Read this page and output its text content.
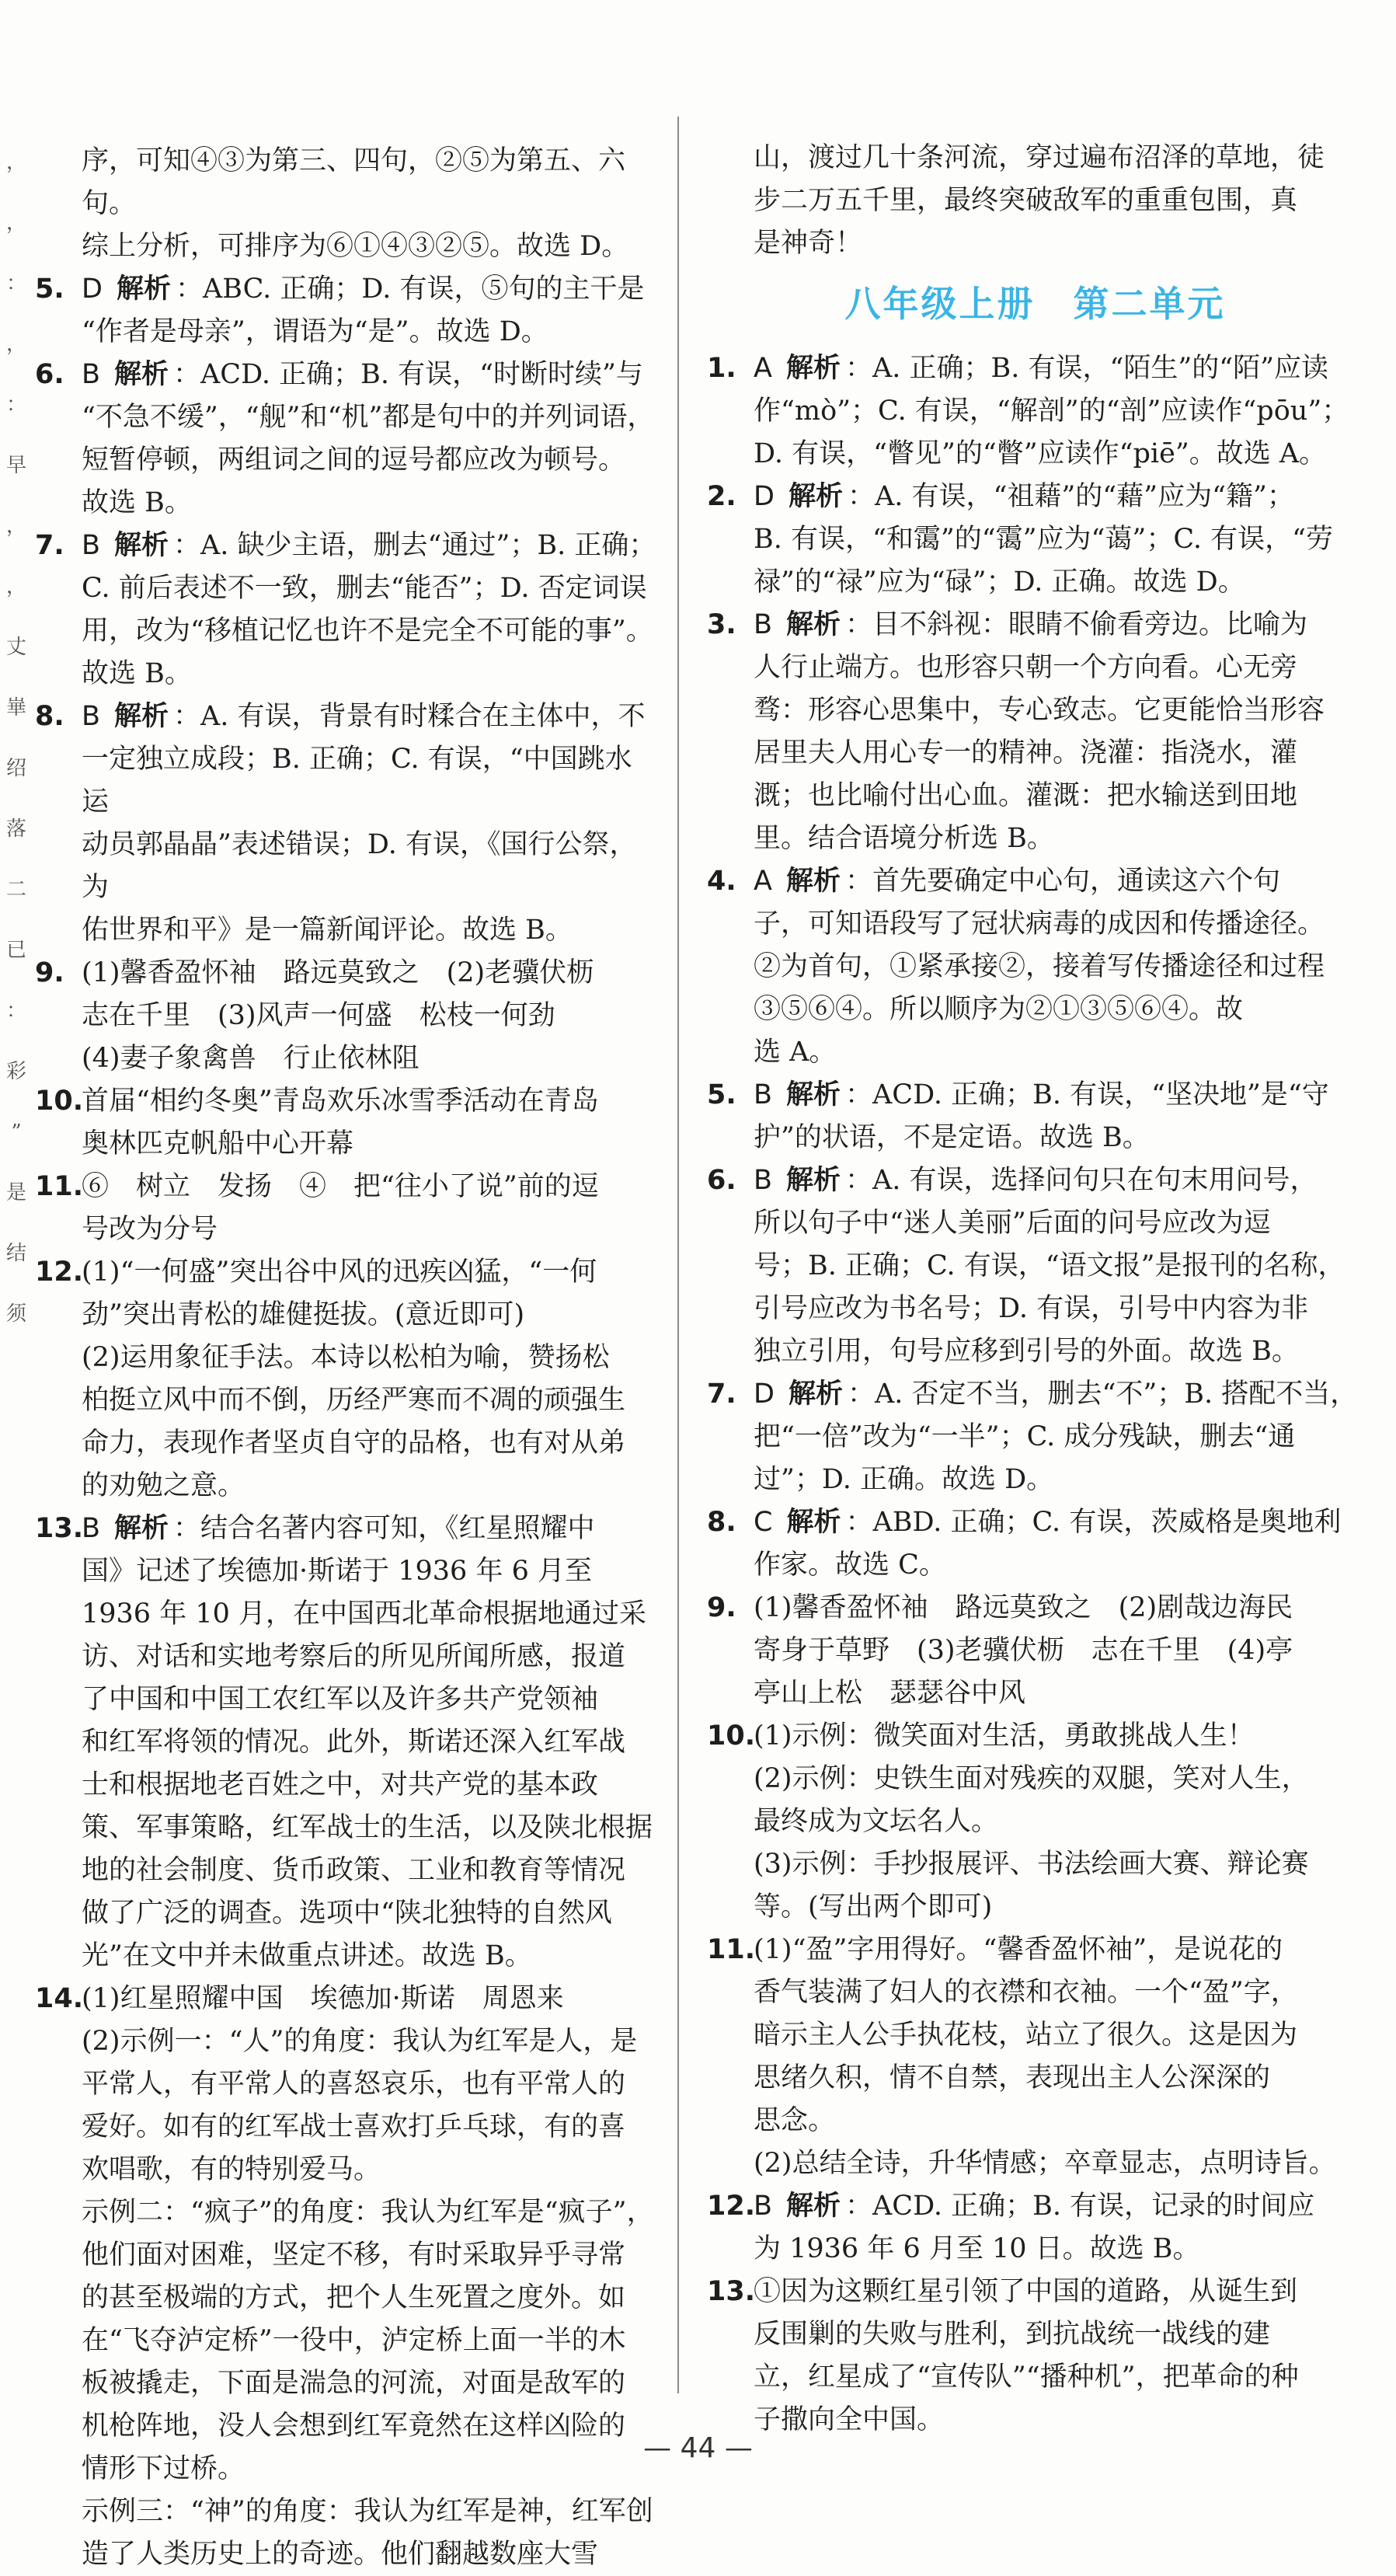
，
，
：
，
：
早
，
，
丈
崋
绍
落
二
已
：
彩
”
是
结
须

序，可知④③为第三、四句，②⑤为第五、六句。

综上分析，可排序为⑥①④③②⑤。故选 D。

5. D 解析 ：ABC. 正确；D. 有误，⑤句的主干是

“作者是母亲”，谓语为“是”。故选 D。

6. B 解析 ：ACD. 正确；B. 有误，“时断时续”与

“不急不缓”，“舰”和“机”都是句中的并列词语，

短暂停顿，两组词之间的逗号都应改为顿号。

故选 B。

7. B 解析 ：A. 缺少主语，删去“通过”；B. 正确；

C. 前后表述不一致，删去“能否”；D. 否定词误

用，改为“移植记忆也许不是完全不可能的事”。

故选 B。

8. B 解析 ：A. 有误，背景有时糅合在主体中，不

一定独立成段；B. 正确；C. 有误，“中国跳水运

动员郭晶晶”表述错误；D. 有误，《国行公祭，为

佑世界和平》是一篇新闻评论。故选 B。

9. (1)馨香盈怀袖　路远莫致之　(2)老骥伏枥

志在千里　(3)风声一何盛　松枝一何劲

(4)妻子象禽兽　行止依林阻

10.

首届“相约冬奥”青岛欢乐冰雪季活动在青岛

奥林匹克帆船中心开幕

11.

⑥　树立　发扬　④　把“往小了说”前的逗

号改为分号

12.

(1)“一何盛”突出谷中风的迅疾凶猛，“一何

劲”突出青松的雄健挺拔。(意近即可)

(2)运用象征手法。本诗以松柏为喻，赞扬松

柏挺立风中而不倒，历经严寒而不凋的顽强生

命力，表现作者坚贞自守的品格，也有对从弟

的劝勉之意。

13.

B 解析 ：结合名著内容可知，《红星照耀中

国》记述了埃德加·斯诺于 1936 年 6 月至

1936 年 10 月，在中国西北革命根据地通过采

访、对话和实地考察后的所见所闻所感，报道

了中国和中国工农红军以及许多共产党领袖

和红军将领的情况。此外，斯诺还深入红军战

士和根据地老百姓之中，对共产党的基本政

策、军事策略，红军战士的生活，以及陕北根据

地的社会制度、货币政策、工业和教育等情况

做了广泛的调查。选项中“陕北独特的自然风

光”在文中并未做重点讲述。故选 B。

14.

(1)红星照耀中国　埃德加·斯诺　周恩来

(2)示例一：“人”的角度：我认为红军是人，是

平常人，有平常人的喜怒哀乐，也有平常人的

爱好。如有的红军战士喜欢打乒乓球，有的喜

欢唱歌，有的特别爱马。

示例二：“疯子”的角度：我认为红军是“疯子”，

他们面对困难，坚定不移，有时采取异乎寻常

的甚至极端的方式，把个人生死置之度外。如

在“飞夺泸定桥”一役中，泸定桥上面一半的木

板被撬走，下面是湍急的河流，对面是敌军的

机枪阵地，没人会想到红军竟然在这样凶险的

情形下过桥。

示例三：“神”的角度：我认为红军是神，红军创

造了人类历史上的奇迹。他们翻越数座大雪

山，渡过几十条河流，穿过遍布沼泽的草地，徒

步二万五千里，最终突破敌军的重重包围，真

是神奇！

八年级上册　第二单元
1. A 解析 ：A. 正确；B. 有误，“陌生”的“陌”应读

作“mò”；C. 有误，“解剖”的“剖”应读作“pōu”；

D. 有误，“瞥见”的“瞥”应读作“piē”。故选 A。

2. D 解析 ：A. 有误，“祖藉”的“藉”应为“籍”；

B. 有误，“和霭”的“霭”应为“蔼”；C. 有误，“劳

禄”的“禄”应为“碌”；D. 正确。故选 D。

3. B 解析 ：目不斜视：眼睛不偷看旁边。比喻为

人行止端方。也形容只朝一个方向看。心无旁

骛：形容心思集中，专心致志。它更能恰当形容

居里夫人用心专一的精神。浇灌：指浇水，灌

溉；也比喻付出心血。灌溉：把水输送到田地

里。结合语境分析选 B。

4. A 解析 ：首先要确定中心句，通读这六个句

子，可知语段写了冠状病毒的成因和传播途径。

②为首句，①紧承接②，接着写传播途径和过程

③⑤⑥④。所以顺序为②①③⑤⑥④。故

选 A。

5. B 解析 ：ACD. 正确；B. 有误，“坚决地”是“守

护”的状语，不是定语。故选 B。

6. B 解析 ：A. 有误，选择问句只在句末用问号，

所以句子中“迷人美丽”后面的问号应改为逗

号；B. 正确；C. 有误，“语文报”是报刊的名称，

引号应改为书名号；D. 有误，引号中内容为非

独立引用，句号应移到引号的外面。故选 B。

7. D 解析 ：A. 否定不当，删去“不”；B. 搭配不当，

把“一倍”改为“一半”；C. 成分残缺，删去“通

过”；D. 正确。故选 D。

8. C 解析 ：ABD. 正确；C. 有误，茨威格是奥地利

作家。故选 C。

9. (1)馨香盈怀袖　路远莫致之　(2)剧哉边海民

寄身于草野　(3)老骥伏枥　志在千里　(4)亭

亭山上松　瑟瑟谷中风

10.

(1)示例：微笑面对生活，勇敢挑战人生！

(2)示例：史铁生面对残疾的双腿，笑对人生，

最终成为文坛名人。

(3)示例：手抄报展评、书法绘画大赛、辩论赛

等。(写出两个即可)

11.

(1)“盈”字用得好。“馨香盈怀袖”，是说花的

香气装满了妇人的衣襟和衣袖。一个“盈”字，

暗示主人公手执花枝，站立了很久。这是因为

思绪久积，情不自禁，表现出主人公深深的

思念。

(2)总结全诗，升华情感；卒章显志，点明诗旨。

12.

B 解析 ：ACD. 正确；B. 有误，记录的时间应

为 1936 年 6 月至 10 日。故选 B。

13.

①因为这颗红星引领了中国的道路，从诞生到

反围剿的失败与胜利，到抗战统一战线的建

立，红星成了“宣传队”“播种机”，把革命的种

子撒向全中国。

— 44 —
